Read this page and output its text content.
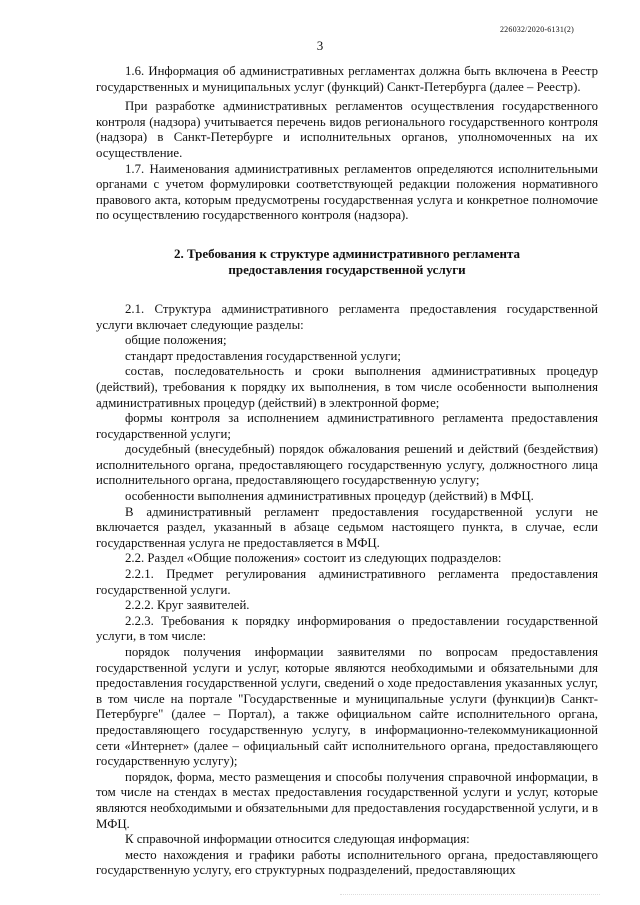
226032/2020-6131(2)
3

1.6. Информация об административных регламентах должна быть включена в Реестр государственных и муниципальных услуг (функций) Санкт-Петербурга (далее – Реестр).

При разработке административных регламентов осуществления государственного контроля (надзора) учитывается перечень видов регионального государственного контроля (надзора) в Санкт-Петербурге и исполнительных органов, уполномоченных на их осуществление.

1.7. Наименования административных регламентов определяются исполнительными органами с учетом формулировки соответствующей редакции положения нормативного правового акта, которым предусмотрены государственная услуга и конкретное полномочие по осуществлению государственного контроля (надзора).

2. Требования к структуре административного регламента
предоставления государственной услуги

2.1. Структура административного регламента предоставления государственной услуги включает следующие разделы:

общие положения;

стандарт предоставления государственной услуги;

состав, последовательность и сроки выполнения административных процедур (действий), требования к порядку их выполнения, в том числе особенности выполнения административных процедур (действий) в электронной форме;

формы контроля за исполнением административного регламента предоставления государственной услуги;

досудебный (внесудебный) порядок обжалования решений и действий (бездействия) исполнительного органа, предоставляющего государственную услугу, должностного лица исполнительного органа, предоставляющего государственную услугу;

особенности выполнения административных процедур (действий) в МФЦ.

В административный регламент предоставления государственной услуги не включается раздел, указанный в абзаце седьмом настоящего пункта, в случае, если государственная услуга не предоставляется в МФЦ.

2.2. Раздел «Общие положения» состоит из следующих подразделов:

2.2.1. Предмет регулирования административного регламента предоставления государственной услуги.

2.2.2. Круг заявителей.

2.2.3. Требования к порядку информирования о предоставлении государственной услуги, в том числе:

порядок получения информации заявителями по вопросам предоставления государственной услуги и услуг, которые являются необходимыми и обязательными для предоставления государственной услуги, сведений о ходе предоставления указанных услуг, в том числе на портале "Государственные и муниципальные услуги (функции)в Санкт-Петербурге" (далее – Портал), а также официальном сайте исполнительного органа, предоставляющего государственную услугу, в информационно-телекоммуникационной сети «Интернет» (далее – официальный сайт исполнительного органа, предоставляющего государственную услугу);

порядок, форма, место размещения и способы получения справочной информации, в том числе на стендах в местах предоставления государственной услуги и услуг, которые являются необходимыми и обязательными для предоставления государственной услуги, и в МФЦ.

К справочной информации относится следующая информация:

место нахождения и графики работы исполнительного органа, предоставляющего государственную услугу, его структурных подразделений, предоставляющих
